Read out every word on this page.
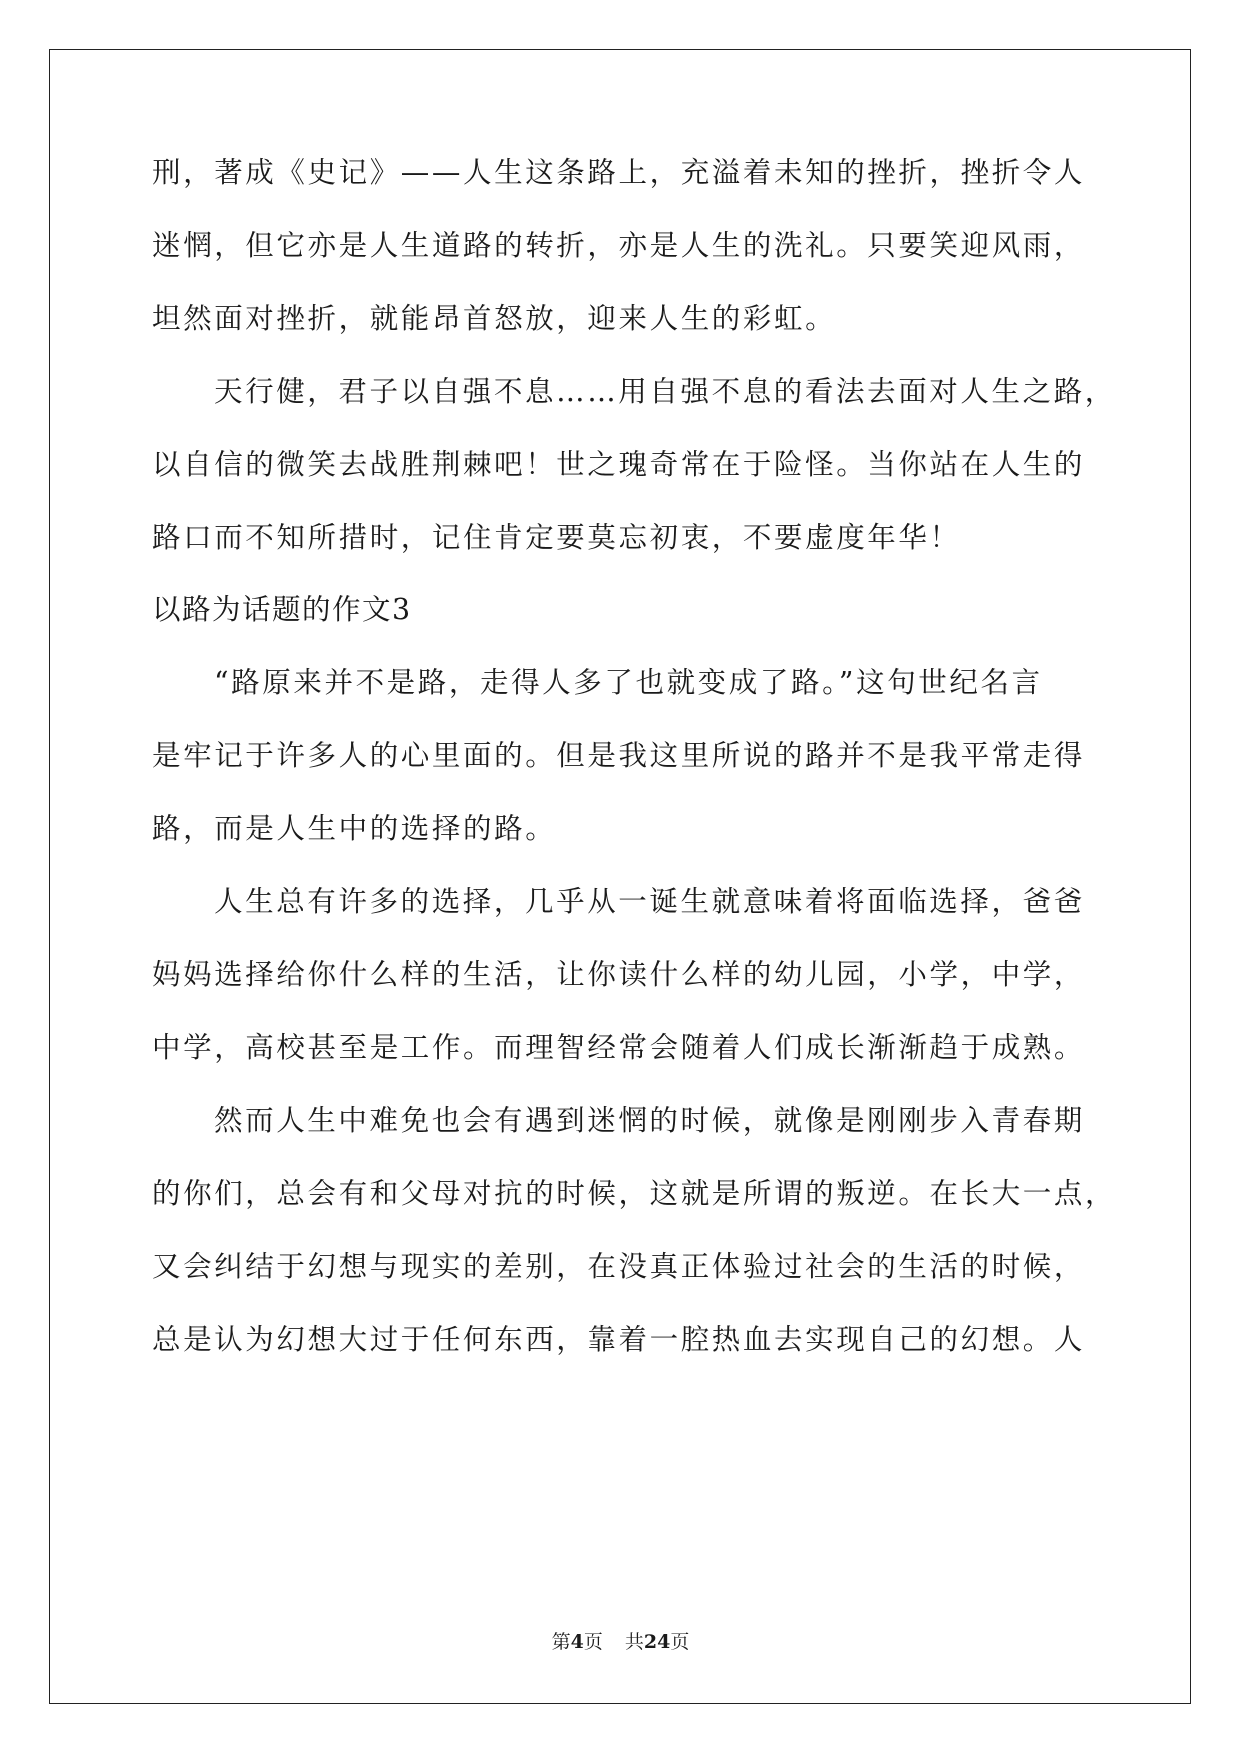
刑，著成《史记》——人生这条路上，充溢着未知的挫折，挫折令人
迷惘，但它亦是人生道路的转折，亦是人生的洗礼。只要笑迎风雨，
坦然面对挫折，就能昂首怒放，迎来人生的彩虹。
天行健，君子以自强不息……用自强不息的看法去面对人生之路，
以自信的微笑去战胜荆棘吧！世之瑰奇常在于险怪。当你站在人生的
路口而不知所措时，记住肯定要莫忘初衷，不要虚度年华！
以路为话题的作文3
“路原来并不是路，走得人多了也就变成了路。”这句世纪名言
是牢记于许多人的心里面的。但是我这里所说的路并不是我平常走得
路，而是人生中的选择的路。
人生总有许多的选择，几乎从一诞生就意味着将面临选择，爸爸
妈妈选择给你什么样的生活，让你读什么样的幼儿园，小学，中学，
中学，高校甚至是工作。而理智经常会随着人们成长渐渐趋于成熟。
然而人生中难免也会有遇到迷惘的时候，就像是刚刚步入青春期
的你们，总会有和父母对抗的时候，这就是所谓的叛逆。在长大一点，
又会纠结于幻想与现实的差别，在没真正体验过社会的生活的时候，
总是认为幻想大过于任何东西，靠着一腔热血去实现自己的幻想。人
第4页 共24页
